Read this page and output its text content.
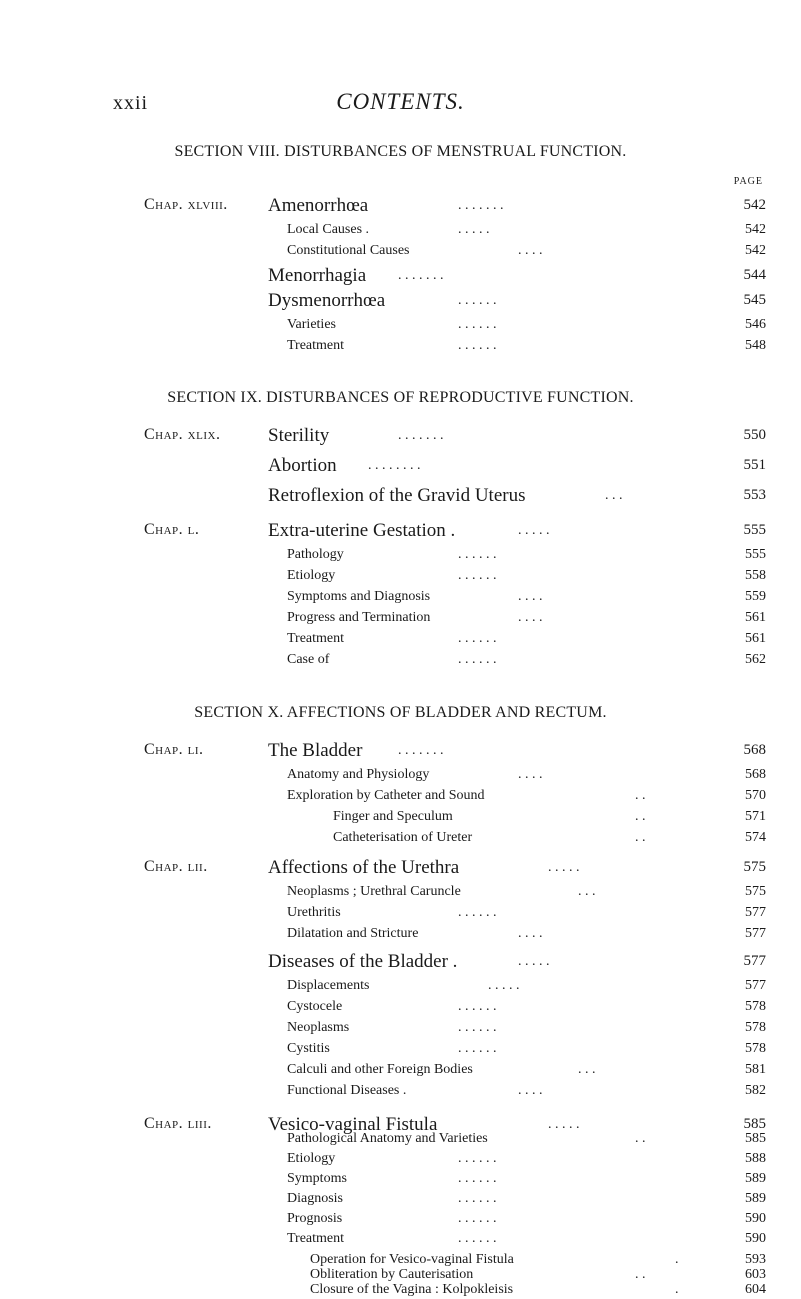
xxii	CONTENTS.
SECTION VIII. DISTURBANCES OF MENSTRUAL FUNCTION.
PAGE
Chap. xlviii. Amenorrhœa	. . . . . . .	542
Local Causes .	. . . . .	542
Constitutional Causes	. . . .	542
Menorrhagia . . . . . . .	544
Dysmenorrhœa	. . . . . .	545
Varieties	. . . . . .	546
Treatment	. . . . . .	548
SECTION IX. DISTURBANCES OF REPRODUCTIVE FUNCTION.
Chap. xlix.	Sterility	. . . . . . .	550
Abortion . . . . . . . .	551
Retroflexion of the Gravid Uterus	. . .	553
Chap. l.	Extra-uterine Gestation .	. . . . .	555
Pathology	. . . . . .	555
Etiology	. . . . . .	558
Symptoms and Diagnosis	. . . .	559
Progress and Termination	. . . .	561
Treatment	. . . . . .	561
Case of	. . . . . .	562
SECTION X. AFFECTIONS OF BLADDER AND RECTUM.
Chap. li.	The Bladder	. . . . . . .	568
Anatomy and Physiology	. . . .	568
Exploration by Catheter and Sound	. .	570
Finger and Speculum	. .	571
Catheterisation of Ureter	. .	574
Chap. lii.	Affections of the Urethra	. . . . .	575
Neoplasms ; Urethral Caruncle	. . .	575
Urethritis	. . . . . .	577
Dilatation and Stricture	. . . .	577
Diseases of the Bladder .	. . . . .	577
Displacements	. . . . .	577
Cystocele	. . . . . .	578
Neoplasms	. . . . . .	578
Cystitis	. . . . . .	578
Calculi and other Foreign Bodies	. . .	581
Functional Diseases .	. . . .	582
Chap. liii.	Vesico-vaginal Fistula	. . . . .	585
Pathological Anatomy and Varieties	. .	585
Etiology	. . . . . .	588
Symptoms	. . . . . .	589
Diagnosis	. . . . . .	589
Prognosis	. . . . . .	590
Treatment	. . . . . .	590
Operation for Vesico-vaginal Fistula	.	593
Obliteration by Cauterisation	. .	603
Closure of the Vagina : Kolpokleisis	.	604
